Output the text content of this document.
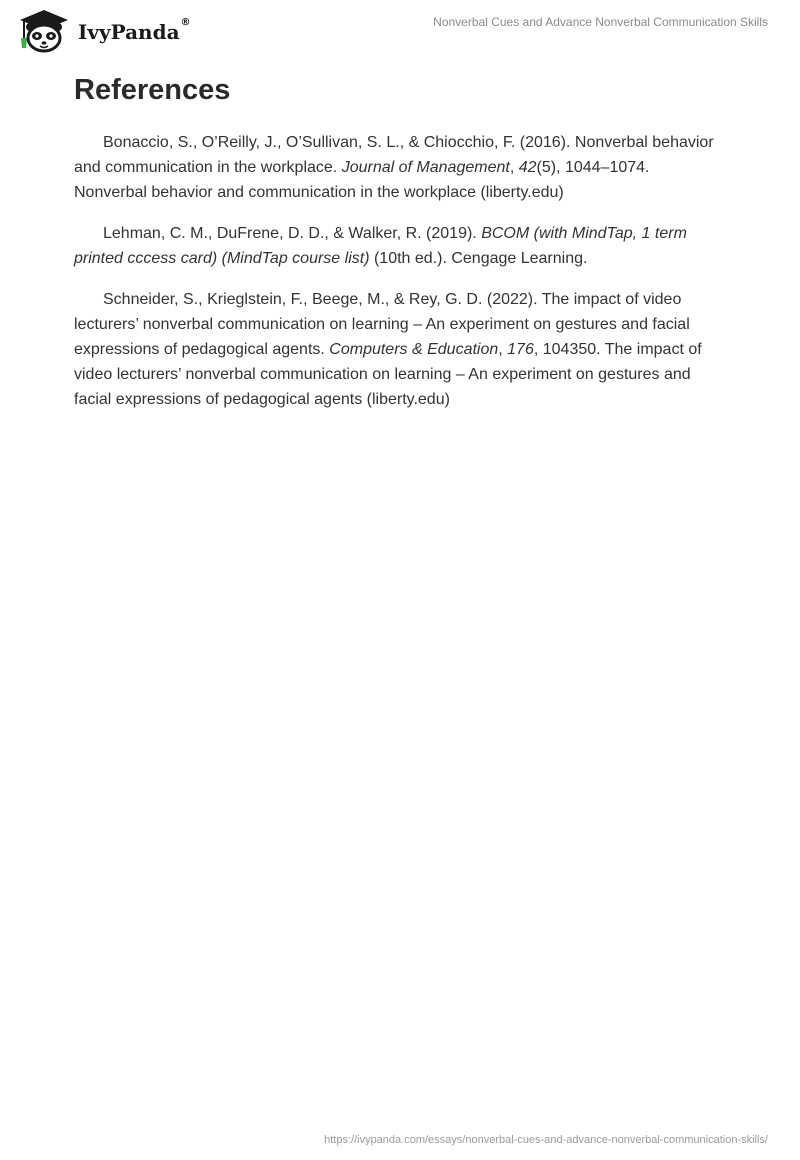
IvyPanda ®	Nonverbal Cues and Advance Nonverbal Communication Skills
References

Bonaccio, S., O’Reilly, J., O’Sullivan, S. L., & Chiocchio, F. (2016). Nonverbal behavior and communication in the workplace. Journal of Management, 42(5), 1044–1074. Nonverbal behavior and communication in the workplace (liberty.edu)

Lehman, C. M., DuFrene, D. D., & Walker, R. (2019). BCOM (with MindTap, 1 term printed cccess card) (MindTap course list) (10th ed.). Cengage Learning.

Schneider, S., Krieglstein, F., Beege, M., & Rey, G. D. (2022). The impact of video lecturers’ nonverbal communication on learning – An experiment on gestures and facial expressions of pedagogical agents. Computers & Education, 176, 104350. The impact of video lecturers’ nonverbal communication on learning – An experiment on gestures and facial expressions of pedagogical agents (liberty.edu)

https://ivypanda.com/essays/nonverbal-cues-and-advance-nonverbal-communication-skills/
